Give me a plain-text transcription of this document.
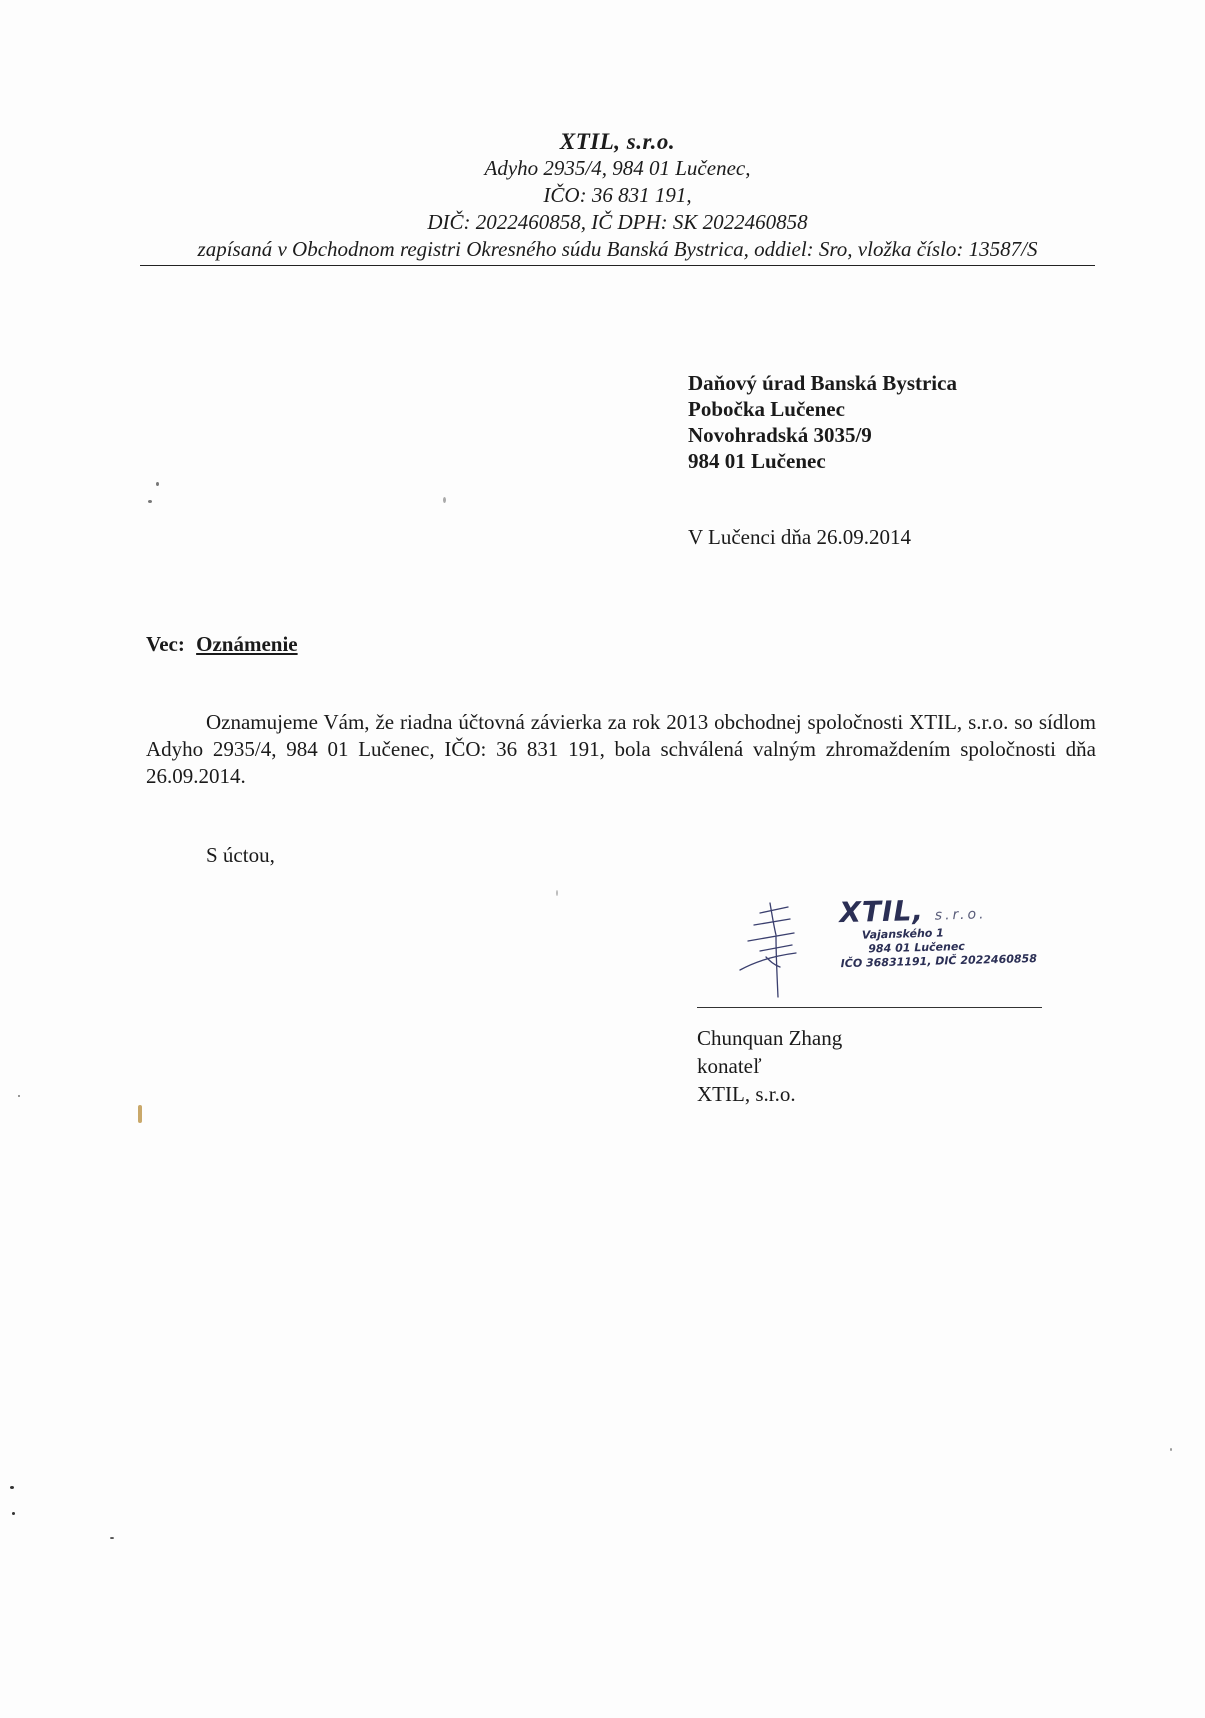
XTIL, s.r.o.
Adyho 2935/4, 984 01 Lučenec,
IČO: 36 831 191,
DIČ: 2022460858, IČ DPH: SK 2022460858
zapísaná v Obchodnom registri Okresného súdu Banská Bystrica, oddiel: Sro, vložka číslo: 13587/S
Daňový úrad Banská Bystrica
Pobočka Lučenec
Novohradská 3035/9
984 01 Lučenec
V Lučenci dňa 26.09.2014
Vec: Oznámenie
Oznamujeme Vám, že riadna účtovná závierka za rok 2013 obchodnej spoločnosti XTIL, s.r.o. so sídlom Adyho 2935/4, 984 01 Lučenec, IČO: 36 831 191, bola schválená valným zhromaždením spoločnosti dňa 26.09.2014.
S úctou,
XTIL, s.r.o.
Vajanského 1
984 01 Lučenec
IČO 36831191, DIČ 2022460858
Chunquan Zhang
konateľ
XTIL, s.r.o.
